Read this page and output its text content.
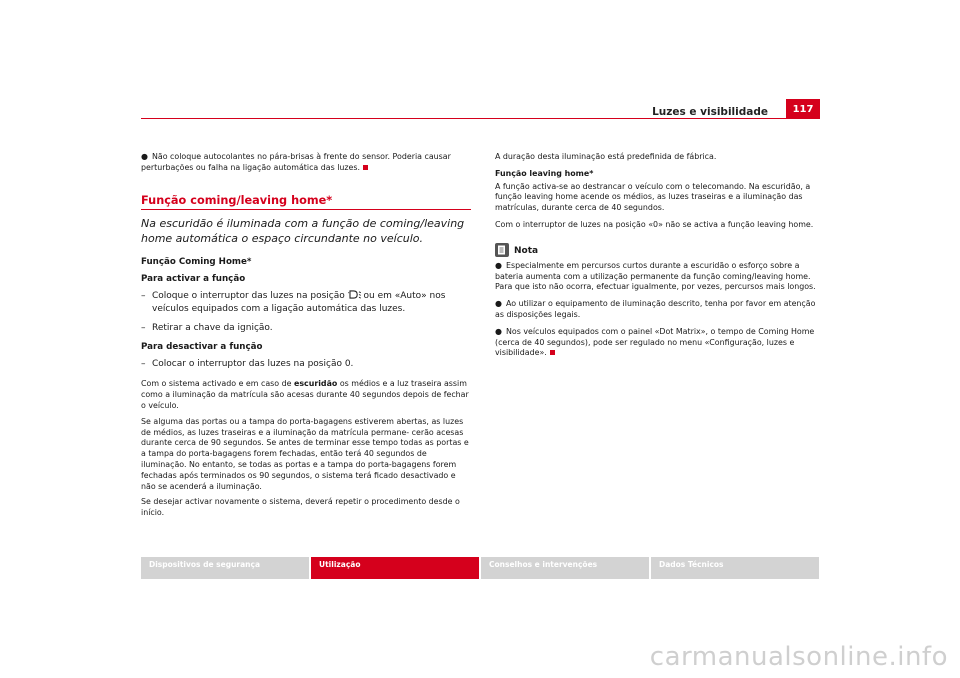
Luzes e visibilidade	117

● Não coloque autocolantes no pára-brisas à frente do sensor. Poderia causar perturbações ou falha na ligação automática das luzes.

Função coming/leaving home*
Na escuridão é iluminada com a função de coming/leaving home automática o espaço circundante no veículo.
Função Coming Home*
Para activar a função
– Coloque o interruptor das luzes na posição ou em «Auto» nos veículos equipados com a ligação automática das luzes.
– Retirar a chave da ignição.
Para desactivar a função
– Colocar o interruptor das luzes na posição 0.

Com o sistema activado e em caso de escuridão os médios e a luz traseira assim como a iluminação da matrícula são acesas durante 40 segundos depois de fechar o veículo.

Se alguma das portas ou a tampa do porta-bagagens estiverem abertas, as luzes de médios, as luzes traseiras e a iluminação da matrícula permane- cerão acesas durante cerca de 90 segundos. Se antes de terminar esse tempo todas as portas e a tampa do porta-bagagens forem fechadas, então terá 40 segundos de iluminação. No entanto, se todas as portas e a tampa do porta-bagagens forem fechadas após terminados os 90 segundos, o sistema terá ficado desactivado e não se acenderá a iluminação.

Se desejar activar novamente o sistema, deverá repetir o procedimento desde o início.

A duração desta iluminação está predefinida de fábrica.

Função leaving home*

A função activa-se ao destrancar o veículo com o telecomando. Na escuridão, a função leaving home acende os médios, as luzes traseiras e a iluminação das matrículas, durante cerca de 40 segundos.

Com o interruptor de luzes na posição «0» não se activa a função leaving home.

Nota

● Especialmente em percursos curtos durante a escuridão o esforço sobre a bateria aumenta com a utilização permanente da função coming/leaving home. Para que isto não ocorra, efectuar igualmente, por vezes, percursos mais longos.

● Ao utilizar o equipamento de iluminação descrito, tenha por favor em atenção as disposições legais.

● Nos veículos equipados com o painel «Dot Matrix», o tempo de Coming Home (cerca de 40 segundos), pode ser regulado no menu «Configuração, luzes e visibilidade».

Dispositivos de segurança	Utilização	Conselhos e intervenções	Dados Técnicos
carmanualsonline.info
